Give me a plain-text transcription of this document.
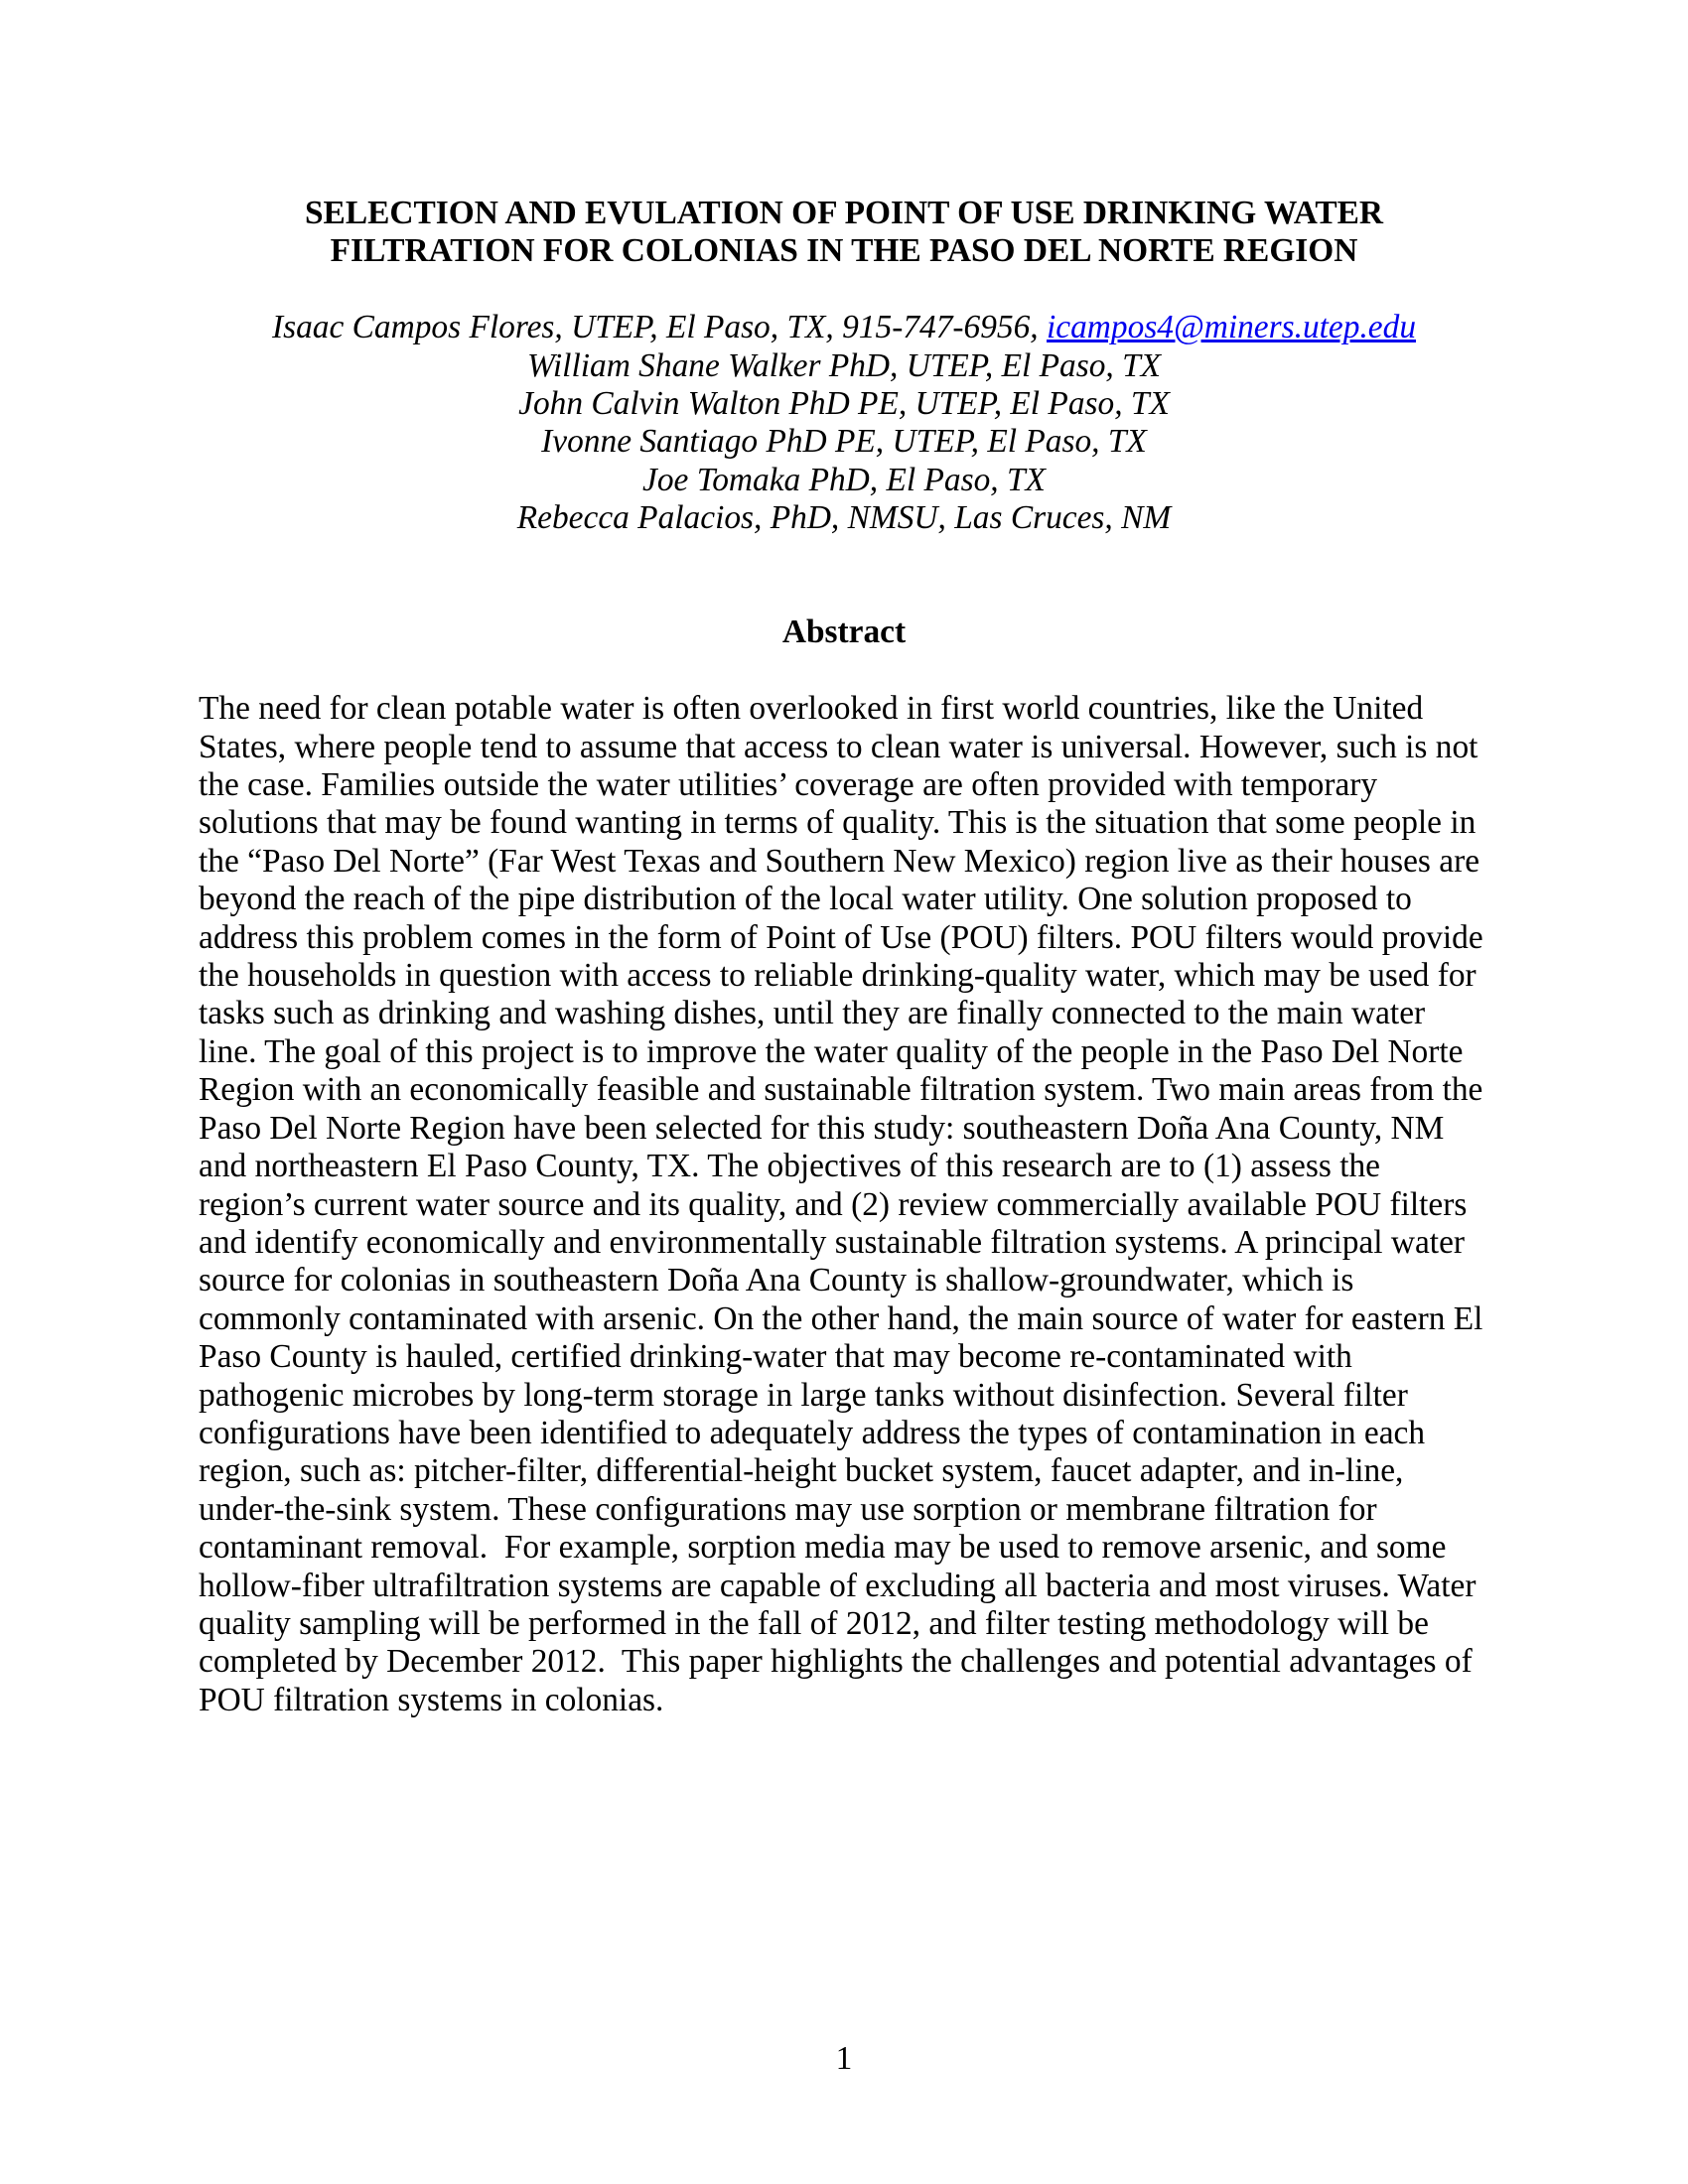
SELECTION AND EVULATION OF POINT OF USE DRINKING WATER
FILTRATION FOR COLONIAS IN THE PASO DEL NORTE REGION

Isaac Campos Flores, UTEP, El Paso, TX, 915-747-6956, icampos4@miners.utep.edu

William Shane Walker PhD, UTEP, El Paso, TX

John Calvin Walton PhD PE, UTEP, El Paso, TX

Ivonne Santiago PhD PE, UTEP, El Paso, TX

Joe Tomaka PhD, El Paso, TX

Rebecca Palacios, PhD, NMSU, Las Cruces, NM

Abstract

The need for clean potable water is often overlooked in first world countries, like the United States, where people tend to assume that access to clean water is universal. However, such is not the case. Families outside the water utilities’ coverage are often provided with temporary solutions that may be found wanting in terms of quality. This is the situation that some people in the “Paso Del Norte” (Far West Texas and Southern New Mexico) region live as their houses are beyond the reach of the pipe distribution of the local water utility. One solution proposed to address this problem comes in the form of Point of Use (POU) filters. POU filters would provide the households in question with access to reliable drinking-quality water, which may be used for tasks such as drinking and washing dishes, until they are finally connected to the main water line. The goal of this project is to improve the water quality of the people in the Paso Del Norte Region with an economically feasible and sustainable filtration system. Two main areas from the Paso Del Norte Region have been selected for this study: southeastern Doña Ana County, NM and northeastern El Paso County, TX. The objectives of this research are to (1) assess the region’s current water source and its quality, and (2) review commercially available POU filters and identify economically and environmentally sustainable filtration systems. A principal water source for colonias in southeastern Doña Ana County is shallow-groundwater, which is commonly contaminated with arsenic. On the other hand, the main source of water for eastern El Paso County is hauled, certified drinking-water that may become re-contaminated with pathogenic microbes by long-term storage in large tanks without disinfection. Several filter configurations have been identified to adequately address the types of contamination in each region, such as: pitcher-filter, differential-height bucket system, faucet adapter, and in-line, under-the-sink system. These configurations may use sorption or membrane filtration for contaminant removal.  For example, sorption media may be used to remove arsenic, and some hollow-fiber ultrafiltration systems are capable of excluding all bacteria and most viruses. Water quality sampling will be performed in the fall of 2012, and filter testing methodology will be completed by December 2012.  This paper highlights the challenges and potential advantages of POU filtration systems in colonias.

1
